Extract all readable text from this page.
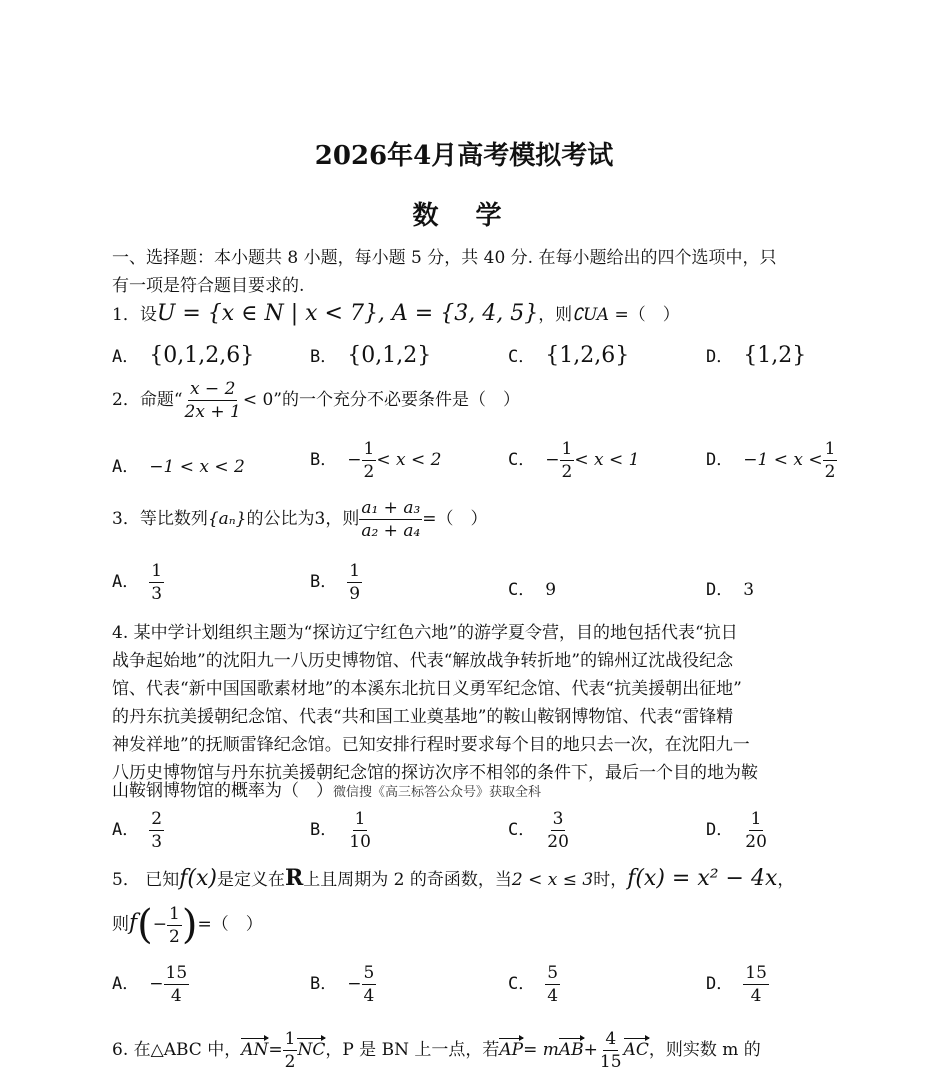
2026年4月高考模拟考试
数 学
一、选择题：本小题共 8 小题，每小题 5 分，共 40 分. 在每小题给出的四个选项中，只
有一项是符合题目要求的.
1．设U = {x ∈ N | x < 7}, A = {3, 4, 5}，则∁UA =（　）
A． {0,1,2,6}	B． {0,1,2}	C． {1,2,6}	D． {1,2}
2．命题“ $\frac{x - 2}{2x + 1} < 0$”的一个充分不必要条件是（　）
A． −1 < x < 2	B． − $\frac{1}{2} < x < 2$	C． − $\frac{1}{2} < x < 1$	D． $-1 < x < \frac{1}{2}$
3．等比数列{aₙ}的公比为3，则 $\frac{\text{a₁ + a₃}}{\text{a₂ + a₄}}$ =（　）
A． $\frac{1}{3}$	B． $\frac{1}{9}$	C． 9	D． 3
4. 某中学计划组织主题为“探访辽宁红色六地”的游学夏令营，目的地包括代表“抗日
战争起始地”的沈阳九一八历史博物馆、代表“解放战争转折地”的锦州辽沈战役纪念
馆、代表“新中国国歌素材地”的本溪东北抗日义勇军纪念馆、代表“抗美援朝出征地”
的丹东抗美援朝纪念馆、代表“共和国工业奠基地”的鞍山鞍钢博物馆、代表“雷锋精
神发祥地”的抚顺雷锋纪念馆。已知安排行程时要求每个目的地只去一次，在沈阳九一
八历史博物馆与丹东抗美援朝纪念馆的探访次序不相邻的条件下，最后一个目的地为鞍
山鞍钢博物馆的概率为（　）微信搜《高三标答公众号》获取全科
A． $\frac{2}{3}$	B． $\frac{1}{10}$	C． $\frac{3}{20}$	D． $\frac{1}{20}$
5． 已知f(x)是定义在R上且周期为 2 的奇函数，当2 < x ≤ 3时，f(x) = x² − 4x，
则$f(- \frac{1}{2}$ )=（　）
A． − $\frac{15}{4}$	B． − $\frac{5}{4}$	C． $\frac{5}{4}$	D． $\frac{15}{4}$
6. 在△ABC 中，$AN= \frac{1}{2}$ NC，P 是 BN 上一点，若$AP= mAB+ \frac{4}{15}$ AC，则实数 m 的
